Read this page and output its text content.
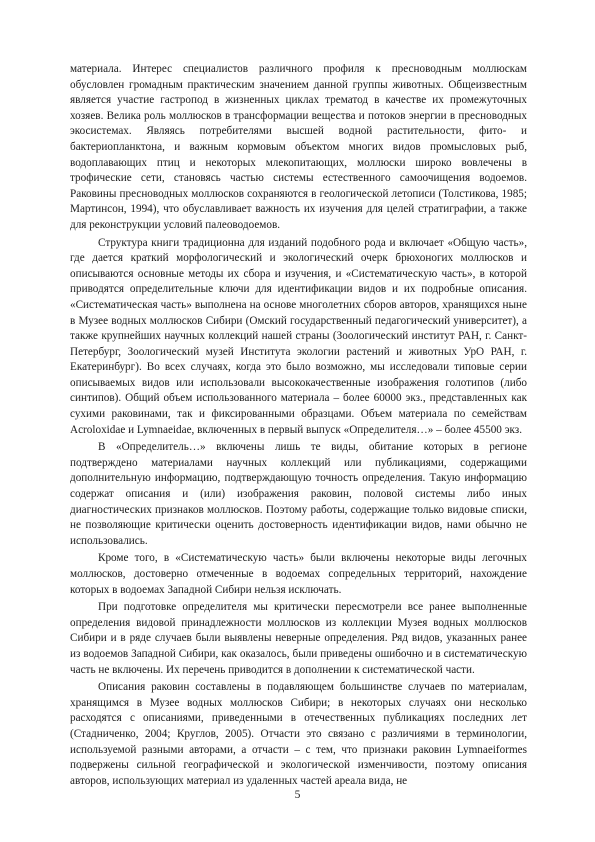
материала. Интерес специалистов различного профиля к пресноводным моллюскам обусловлен громадным практическим значением данной группы животных. Общеизвестным является участие гастропод в жизненных циклах трематод в качестве их промежуточных хозяев. Велика роль моллюсков в трансформации вещества и потоков энергии в пресноводных экосистемах. Являясь потребителями высшей водной растительности, фито- и бактериопланктона, и важным кормовым объектом многих видов промысловых рыб, водоплавающих птиц и некоторых млекопитающих, моллюски широко вовлечены в трофические сети, становясь частью системы естественного самоочищения водоемов. Раковины пресноводных моллюсков сохраняются в геологической летописи (Толстикова, 1985; Мартинсон, 1994), что обуславливает важность их изучения для целей стратиграфии, а также для реконструкции условий палеоводоемов.

Структура книги традиционна для изданий подобного рода и включает «Общую часть», где дается краткий морфологический и экологический очерк брюхоногих моллюсков и описываются основные методы их сбора и изучения, и «Систематическую часть», в которой приводятся определительные ключи для идентификации видов и их подробные описания. «Систематическая часть» выполнена на основе многолетних сборов авторов, хранящихся ныне в Музее водных моллюсков Сибири (Омский государственный педагогический университет), а также крупнейших научных коллекций нашей страны (Зоологический институт РАН, г. Санкт-Петербург, Зоологический музей Института экологии растений и животных УрО РАН, г. Екатеринбург). Во всех случаях, когда это было возможно, мы исследовали типовые серии описываемых видов или использовали высококачественные изображения голотипов (либо синтипов). Общий объем использованного материала – более 60000 экз., представленных как сухими раковинами, так и фиксированными образцами. Объем материала по семействам Acroloxidae и Lymnaeidae, включенных в первый выпуск «Определителя…» – более 45500 экз.

В «Определитель…» включены лишь те виды, обитание которых в регионе подтверждено материалами научных коллекций или публикациями, содержащими дополнительную информацию, подтверждающую точность определения. Такую информацию содержат описания и (или) изображения раковин, половой системы либо иных диагностических признаков моллюсков. Поэтому работы, содержащие только видовые списки, не позволяющие критически оценить достоверность идентификации видов, нами обычно не использовались.

Кроме того, в «Систематическую часть» были включены некоторые виды легочных моллюсков, достоверно отмеченные в водоемах сопредельных территорий, нахождение которых в водоемах Западной Сибири нельзя исключать.

При подготовке определителя мы критически пересмотрели все ранее выполненные определения видовой принадлежности моллюсков из коллекции Музея водных моллюсков Сибири и в ряде случаев были выявлены неверные определения. Ряд видов, указанных ранее из водоемов Западной Сибири, как оказалось, были приведены ошибочно и в систематическую часть не включены. Их перечень приводится в дополнении к систематической части.

Описания раковин составлены в подавляющем большинстве случаев по материалам, хранящимся в Музее водных моллюсков Сибири; в некоторых случаях они несколько расходятся с описаниями, приведенными в отечественных публикациях последних лет (Стадниченко, 2004; Круглов, 2005). Отчасти это связано с различиями в терминологии, используемой разными авторами, а отчасти – с тем, что признаки раковин Lymnaeiformes подвержены сильной географической и экологической изменчивости, поэтому описания авторов, использующих материал из удаленных частей ареала вида, не

5
